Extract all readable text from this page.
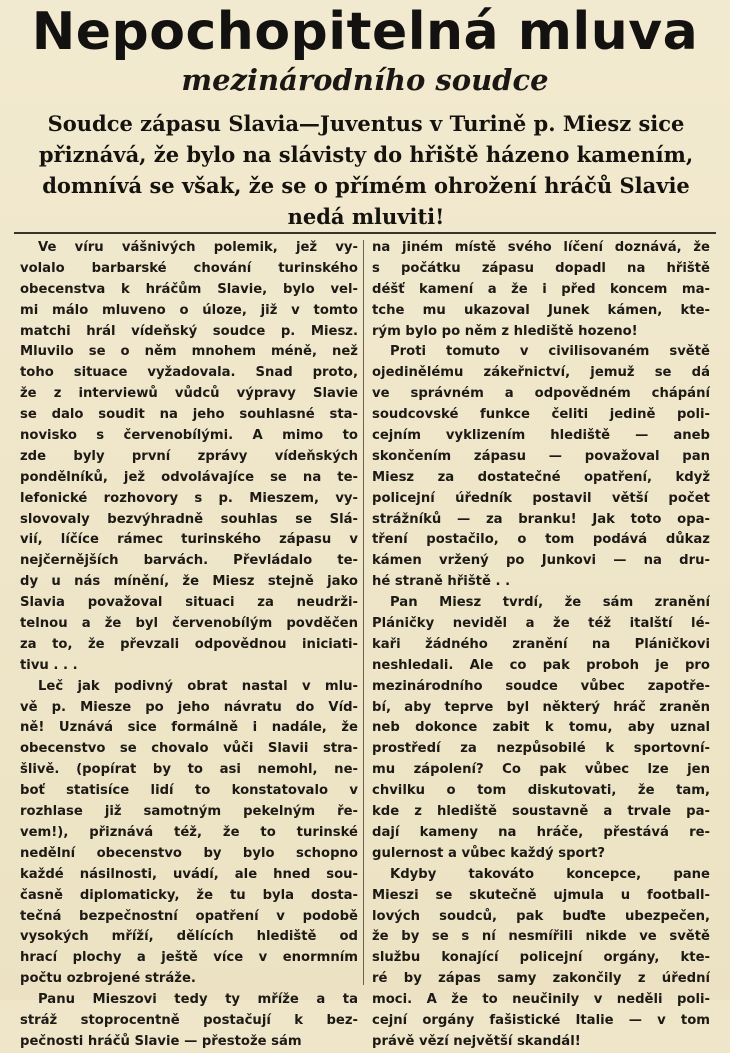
Nepochopitelná mluva
mezinárodního soudce
Soudce zápasu Slavia—Juventus v Turině p. Miesz sice
přiznává, že bylo na slávisty do hřiště házeno kamením,
domnívá se však, že se o přímém ohrožení hráčů Slavie
nedá mluviti!
Ve víru vášnivých polemik, jež vy-
volalo barbarské chování turinského
obecenstva k hráčům Slavie, bylo vel-
mi málo mluveno o úloze, již v tomto
matchi hrál vídeňský soudce p. Miesz.
Mluvilo se o něm mnohem méně, než
toho situace vyžadovala. Snad proto,
že z interviewů vůdců výpravy Slavie
se dalo soudit na jeho souhlasné sta-
novisko s červenobílými. A mimo to
zde byly první zprávy vídeňských
pondělníků, jež odvolávajíce se na te-
lefonické rozhovory s p. Mieszem, vy-
slovovaly bezvýhradně souhlas se Slá-
vií, líčíce rámec turinského zápasu v
nejčernějších barvách. Převládalo te-
dy u nás mínění, že Miesz stejně jako
Slavia považoval situaci za neudrži-
telnou a že byl červenobílým povděčen
za to, že převzali odpovědnou iniciati-
tivu . . .
Leč jak podivný obrat nastal v mlu-
vě p. Miesze po jeho návratu do Víd-
ně! Uznává sice formálně i nadále, že
obecenstvo se chovalo vůči Slavii stra-
šlivě. (popírat by to asi nemohl, ne-
boť statisíce lidí to konstatovalo v
rozhlase již samotným pekelným ře-
vem!), přiznává též, že to turinské
nedělní obecenstvo by bylo schopno
každé násilnosti, uvádí, ale hned sou-
časně diplomaticky, že tu byla dosta-
tečná bezpečnostní opatření v podobě
vysokých mříží, dělících hlediště od
hrací plochy a ještě více v enormním
počtu ozbrojené stráže.
Panu Mieszovi tedy ty mříže a ta
stráž stoprocentně postačují k bez-
pečnosti hráčů Slavie — přestože sám
na jiném místě svého líčení doznává, že
s počátku zápasu dopadl na hřiště
déšť kamení a že i před koncem ma-
tche mu ukazoval Junek kámen, kte-
rým bylo po něm z hlediště hozeno!
Proti tomuto v civilisovaném světě
ojedinělému zákeřnictví, jemuž se dá
ve správném a odpovědném chápání
soudcovské funkce čeliti jedině poli-
cejním vyklizením hlediště — aneb
skončením zápasu — považoval pan
Miesz za dostatečné opatření, když
policejní úředník postavil větší počet
strážníků — za branku! Jak toto opa-
tření postačilo, o tom podává důkaz
kámen vržený po Junkovi — na dru-
hé straně hřiště . .
Pan Miesz tvrdí, že sám zranění
Pláničky neviděl a že též italští lé-
kaři žádného zranění na Pláničkovi
neshledali. Ale co pak proboh je pro
mezinárodního soudce vůbec zapotře-
bí, aby teprve byl některý hráč zraněn
neb dokonce zabit k tomu, aby uznal
prostředí za nezpůsobilé k sportovní-
mu zápolení? Co pak vůbec lze jen
chvilku o tom diskutovati, že tam,
kde z hlediště soustavně a trvale pa-
dají kameny na hráče, přestává re-
gulernost a vůbec každý sport?
Kdyby takováto koncepce, pane
Mieszi se skutečně ujmula u football-
lových soudců, pak buďte ubezpečen,
že by se s ní nesmířili nikde ve světě
službu konající policejní orgány, kte-
ré by zápas samy zakončily z úřední
moci. A že to neučinily v neděli poli-
cejní orgány fašistické Italie — v tom
právě vězí největší skandál!
